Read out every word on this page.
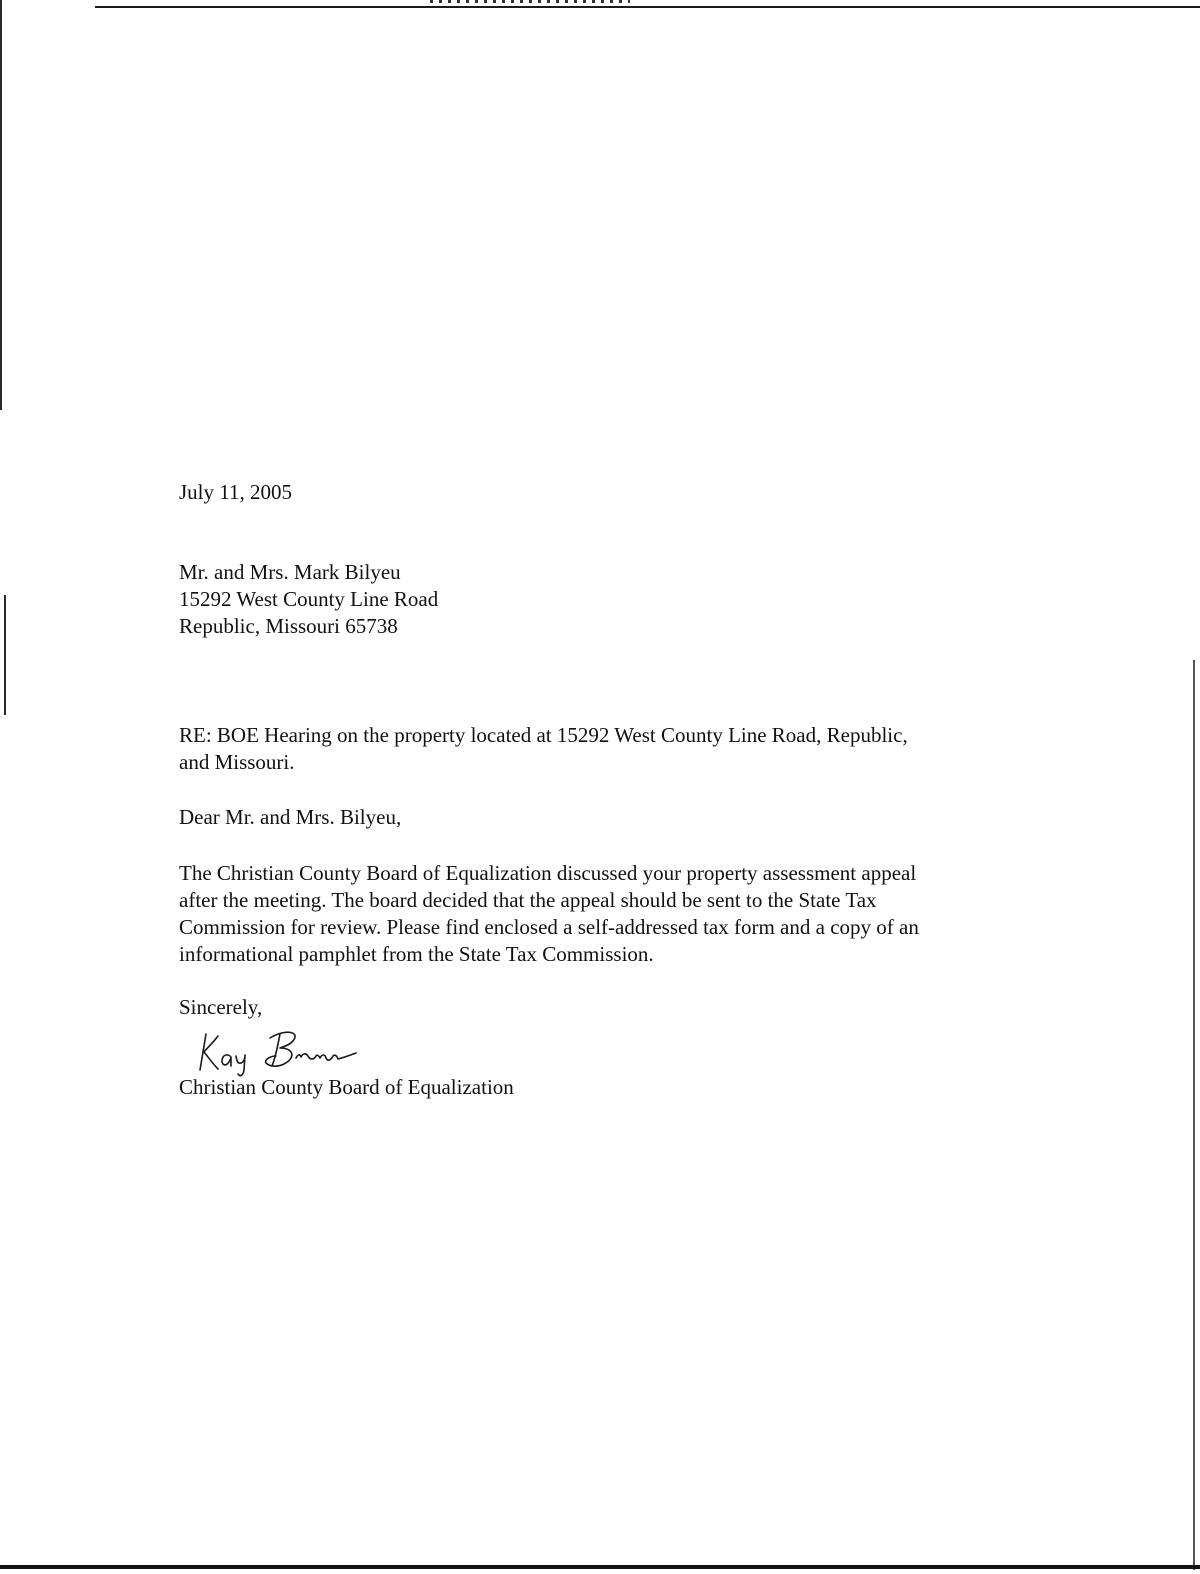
July 11, 2005
Mr. and Mrs. Mark Bilyeu
15292 West County Line Road
Republic, Missouri 65738
RE: BOE Hearing on the property located at 15292 West County Line Road, Republic,
and Missouri.
Dear Mr. and Mrs. Bilyeu,
The Christian County Board of Equalization discussed your property assessment appeal
after the meeting. The board decided that the appeal should be sent to the State Tax
Commission for review. Please find enclosed a self-addressed tax form and a copy of an
informational pamphlet from the State Tax Commission.
Sincerely,
Christian County Board of Equalization
